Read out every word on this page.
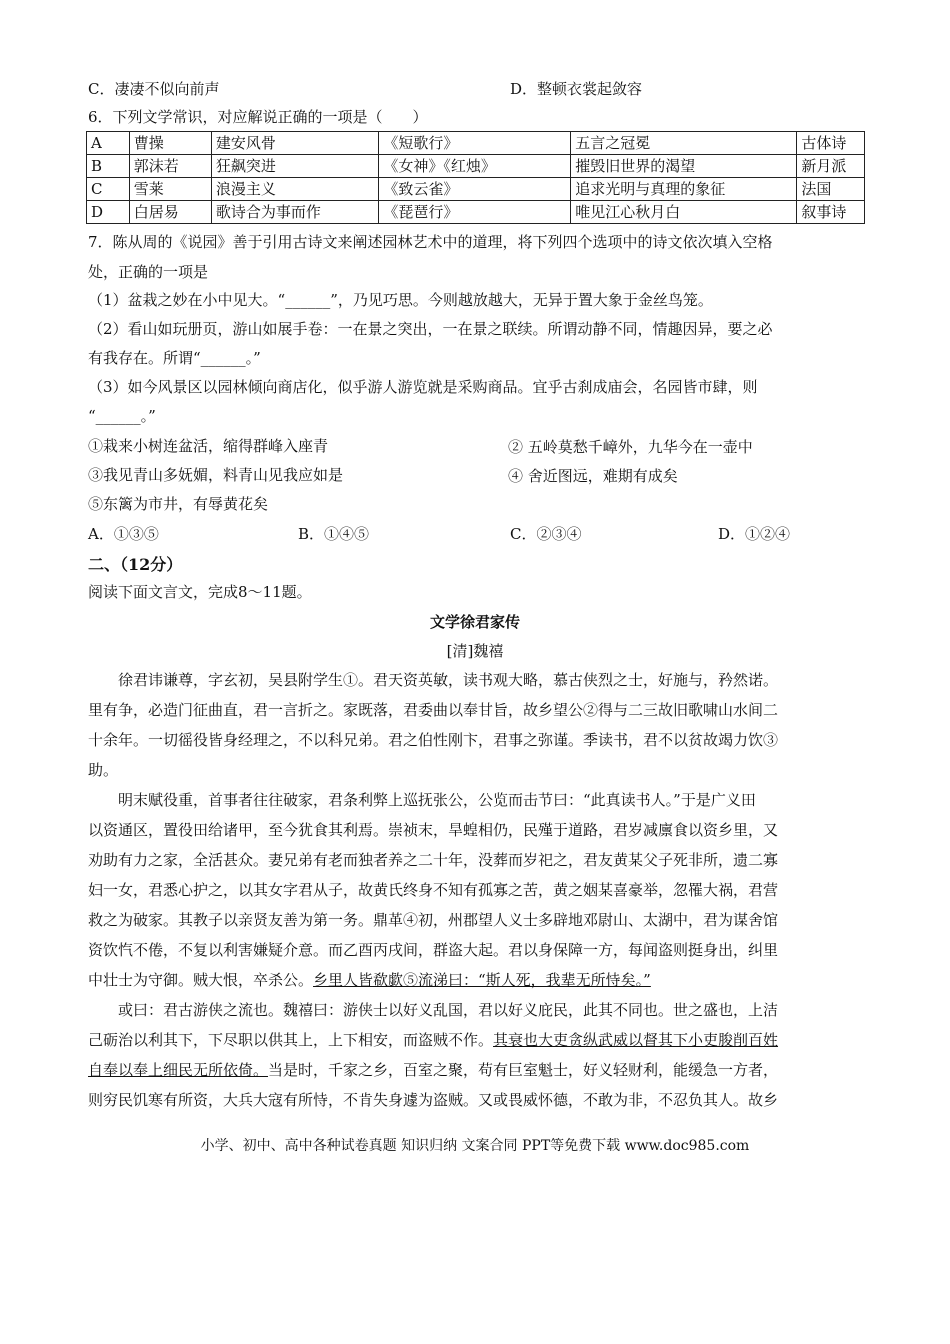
C．凄凄不似向前声	D．整顿衣裳起敛容
6．下列文学常识，对应解说正确的一项是（　　）
A	曹操	建安风骨	《短歌行》	五言之冠冕	古体诗
B	郭沫若	狂飙突进	《女神》《红烛》	摧毁旧世界的渴望	新月派
C	雪莱	浪漫主义	《致云雀》	追求光明与真理的象征	法国
D	白居易	歌诗合为事而作	《琵琶行》	唯见江心秋月白	叙事诗
7．陈从周的《说园》善于引用古诗文来阐述园林艺术中的道理，将下列四个选项中的诗文依次填入空格
处，正确的一项是
（1）盆栽之妙在小中见大。“______”，乃见巧思。今则越放越大，无异于置大象于金丝鸟笼。
（2）看山如玩册页，游山如展手卷：一在景之突出，一在景之联续。所谓动静不同，情趣因异，要之必
有我存在。所谓“______。”
（3）如今风景区以园林倾向商店化，似乎游人游览就是采购商品。宜乎古刹成庙会，名园皆市肆，则
“______。”
①栽来小树连盆活，缩得群峰入座青	② 五岭莫愁千嶂外，九华今在一壶中
③我见青山多妩媚，料青山见我应如是	④ 舍近图远，难期有成矣
⑤东篱为市井，有辱黄花矣
A．①③⑤	B．①④⑤	C．②③④	D．①②④
二、（12分）
阅读下面文言文，完成8～11题。
文学徐君家传
[清]魏禧
徐君讳谦尊，字玄初，吴县附学生①。君天资英敏，读书观大略，慕古侠烈之士，好施与，矜然诺。
里有争，必造门征曲直，君一言折之。家既落，君委曲以奉甘旨，故乡望公②得与二三故旧歌啸山水间二
十余年。一切徭役皆身经理之，不以科兄弟。君之伯性刚卞，君事之弥谨。季读书，君不以贫故竭力饮③
助。
明末赋役重，首事者往往破家，君条利弊上巡抚张公，公览而击节曰：“此真读书人。”于是广义田
以资通区，置役田给诸甲，至今犹食其利焉。崇祯末，旱蝗相仍，民殣于道路，君岁减廪食以资乡里，又
劝助有力之家，全活甚众。妻兄弟有老而独者养之二十年，没葬而岁祀之，君友黄某父子死非所，遗二寡
妇一女，君悉心护之，以其女字君从子，故黄氏终身不知有孤寡之苦，黄之姻某喜豪举，忽罹大祸，君营
救之为破家。其教子以亲贤友善为第一务。鼎革④初，州郡望人义士多辟地邓尉山、太湖中，君为谋舍馆
资饮忾不倦，不复以利害嫌疑介意。而乙酉丙戌间，群盗大起。君以身保障一方，每闻盗则挺身出，纠里
中壮士为守御。贼大恨，卒杀公。乡里人皆欷歔⑤流涕曰：“斯人死，我辈无所恃矣。”
或曰：君古游侠之流也。魏禧曰：游侠士以好义乱国，君以好义庇民，此其不同也。世之盛也，上洁
己砺治以利其下，下尽职以供其上，上下相安，而盗贼不作。其衰也大吏贪纵武威以督其下小吏朘削百姓
自奉以奉上细民无所依倚。当是时，千家之乡，百室之聚，苟有巨室魁士，好义轻财利，能缓急一方者，
则穷民饥寒有所资，大兵大寇有所恃，不肯失身遽为盗贼。又或畏威怀德，不敢为非，不忍负其人。故乡
小学、初中、高中各种试卷真题 知识归纳 文案合同 PPT等免费下载 www.doc985.com
